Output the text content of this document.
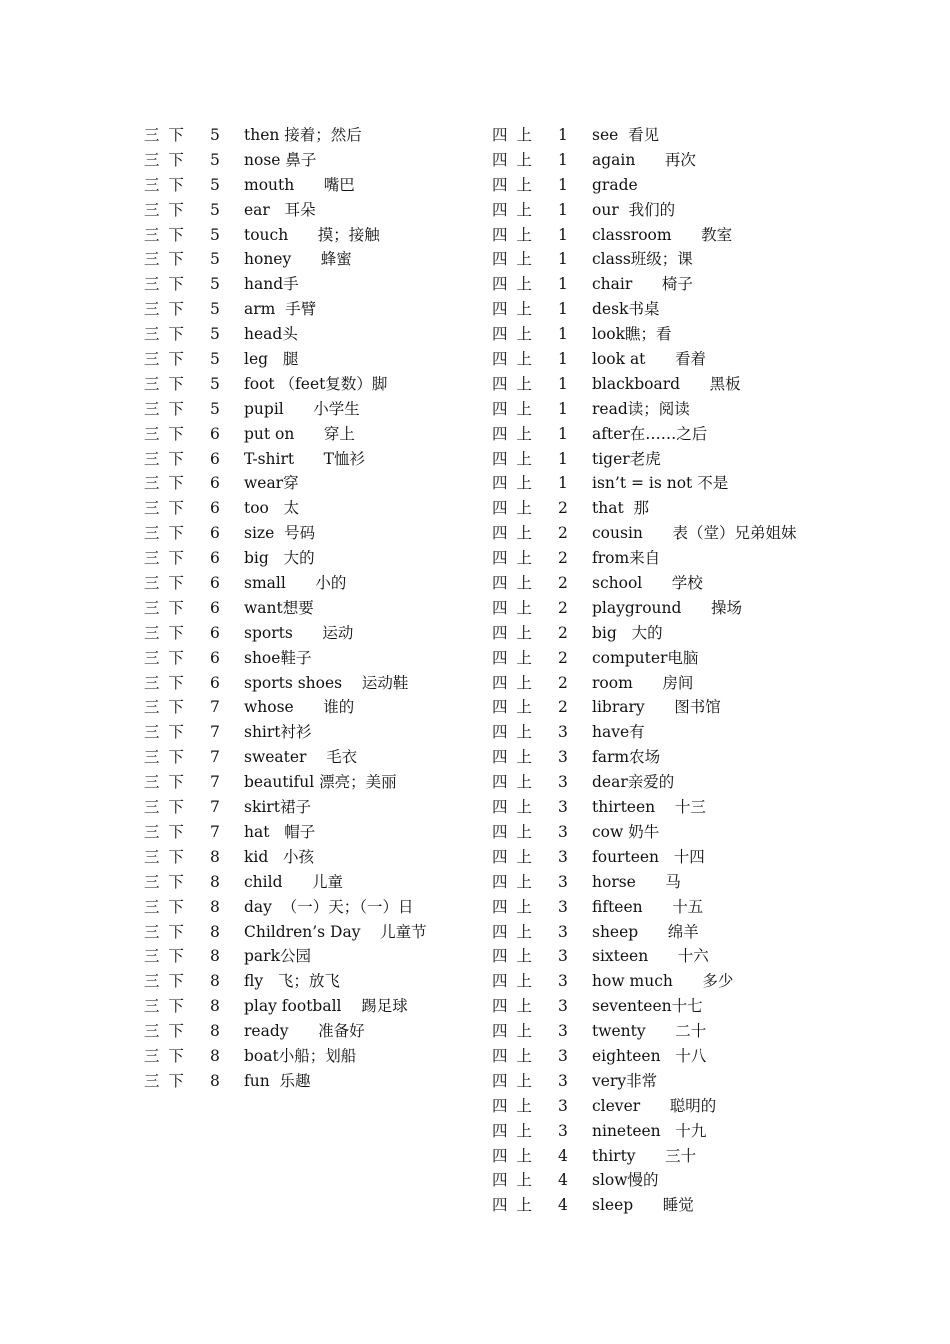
三 下 5 then 接着；然后
三 下 5 nose 鼻子
三 下 5 mouth      嘴巴
三 下 5 ear   耳朵
三 下 5 touch      摸；接触
三 下 5 honey      蜂蜜
三 下 5 hand手
三 下 5 arm  手臂
三 下 5 head头
三 下 5 leg   腿
三 下 5 foot （feet复数）脚
三 下 5 pupil      小学生
三 下 6 put on      穿上
三 下 6 T-shirt      T恤衫
三 下 6 wear穿
三 下 6 too   太
三 下 6 size  号码
三 下 6 big   大的
三 下 6 small      小的
三 下 6 want想要
三 下 6 sports      运动
三 下 6 shoe鞋子
三 下 6 sports shoes    运动鞋
三 下 7 whose      谁的
三 下 7 shirt衬衫
三 下 7 sweater    毛衣
三 下 7 beautiful 漂亮；美丽
三 下 7 skirt裙子
三 下 7 hat   帽子
三 下 8 kid   小孩
三 下 8 child      儿童
三 下 8 day  （一）天；（一）日
三 下 8 Children’s Day    儿童节
三 下 8 park公园
三 下 8 fly   飞；放飞
三 下 8 play football    踢足球
三 下 8 ready      准备好
三 下 8 boat小船；划船
三 下 8 fun  乐趣
四 上 1 see  看见
四 上 1 again      再次
四 上 1 grade
四 上 1 our  我们的
四 上 1 classroom      教室
四 上 1 class班级；课
四 上 1 chair      椅子
四 上 1 desk书桌
四 上 1 look瞧；看
四 上 1 look at      看着
四 上 1 blackboard      黑板
四 上 1 read读；阅读
四 上 1 after在……之后
四 上 1 tiger老虎
四 上 1 isn’t = is not 不是
四 上 2 that  那
四 上 2 cousin      表（堂）兄弟姐妹
四 上 2 from来自
四 上 2 school      学校
四 上 2 playground      操场
四 上 2 big   大的
四 上 2 computer电脑
四 上 2 room      房间
四 上 2 library      图书馆
四 上 3 have有
四 上 3 farm农场
四 上 3 dear亲爱的
四 上 3 thirteen    十三
四 上 3 cow 奶牛
四 上 3 fourteen   十四
四 上 3 horse      马
四 上 3 fifteen      十五
四 上 3 sheep      绵羊
四 上 3 sixteen      十六
四 上 3 how much      多少
四 上 3 seventeen十七
四 上 3 twenty      二十
四 上 3 eighteen   十八
四 上 3 very非常
四 上 3 clever      聪明的
四 上 3 nineteen   十九
四 上 4 thirty      三十
四 上 4 slow慢的
四 上 4 sleep      睡觉
